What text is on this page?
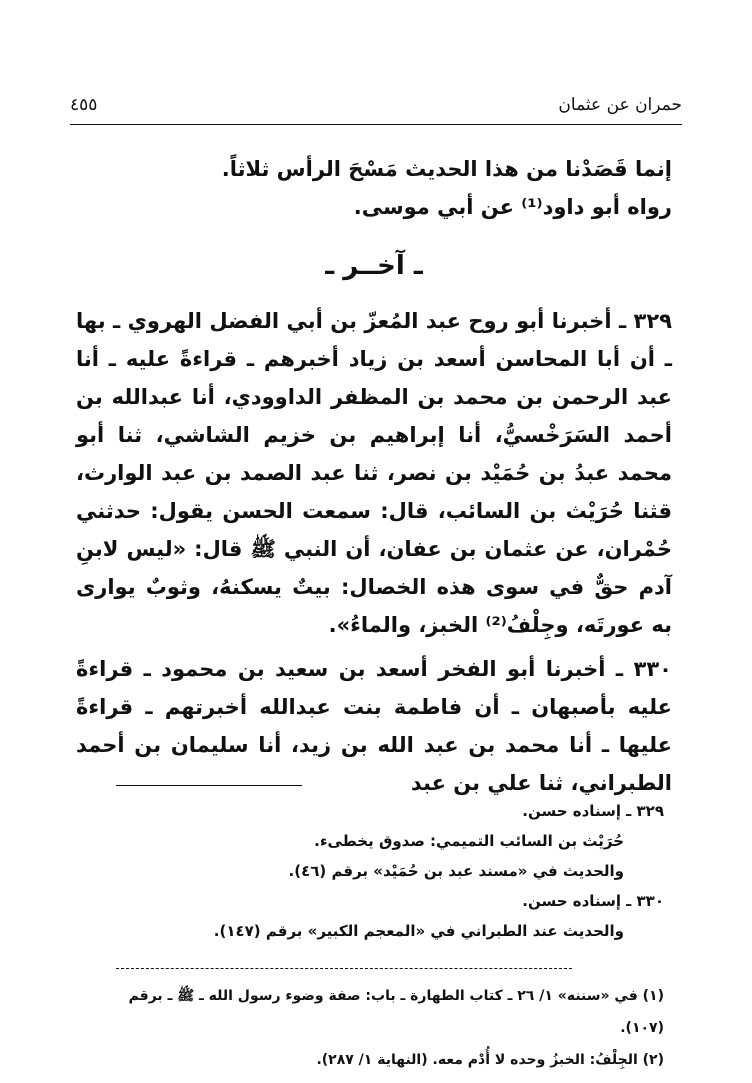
حمران عن عثمان
٤٥٥
إنما قَصَدْنا من هذا الحديث مَسْحَ الرأس ثلاثاً.
رواه أبو داود⁽¹⁾ عن أبي موسى.
ـ آخــر ـ

٣٢٩ ـ أخبرنا أبو روح عبد المُعزّ بن أبي الفضل الهروي ـ بها ـ أن أبا المحاسن أسعد بن زياد أخبرهم ـ قراءةً عليه ـ أنا عبد الرحمن بن محمد بن المظفر الداوودي، أنا عبدالله بن أحمد السَرَخْسيُّ، أنا إبراهيم بن خزيم الشاشي، ثنا أبو محمد عبدُ بن حُمَيْد بن نصر، ثنا عبد الصمد بن عبد الوارث، قثنا حُرَيْث بن السائب، قال: سمعت الحسن يقول: حدثني حُمْران، عن عثمان بن عفان، أن النبي ﷺ قال: «ليس لابنِ آدم حقٌّ في سوى هذه الخصال: بيتٌ يسكنهُ، وثوبٌ يوارى به عورتَه، وجِلْفُ⁽²⁾ الخبز، والماءُ».

٣٣٠ ـ أخبرنا أبو الفخر أسعد بن سعيد بن محمود ـ قراءةً عليه بأصبهان ـ أن فاطمة بنت عبدالله أخبرتهم ـ قراءةً عليها ـ أنا محمد بن عبد الله بن زيد، أنا سليمان بن أحمد الطبراني، ثنا علي بن عبد

٣٢٩ ـ إسناده حسن.
حُرَيْث بن السائب التميمي: صدوق يخطىء.
والحديث في «مسند عبد بن حُمَيْد» برقم (٤٦).
٣٣٠ ـ إسناده حسن.
والحديث عند الطبراني في «المعجم الكبير» برقم (١٤٧).
(١) في «سننه» ١/ ٢٦ ـ كتاب الطهارة ـ باب: صفة وضوء رسول الله ـ ﷺ ـ برقم (١٠٧).
(٢) الجِلْفُ: الخبزُ وحده لا أُدْم معه. (النهاية ١/ ٢٨٧).
